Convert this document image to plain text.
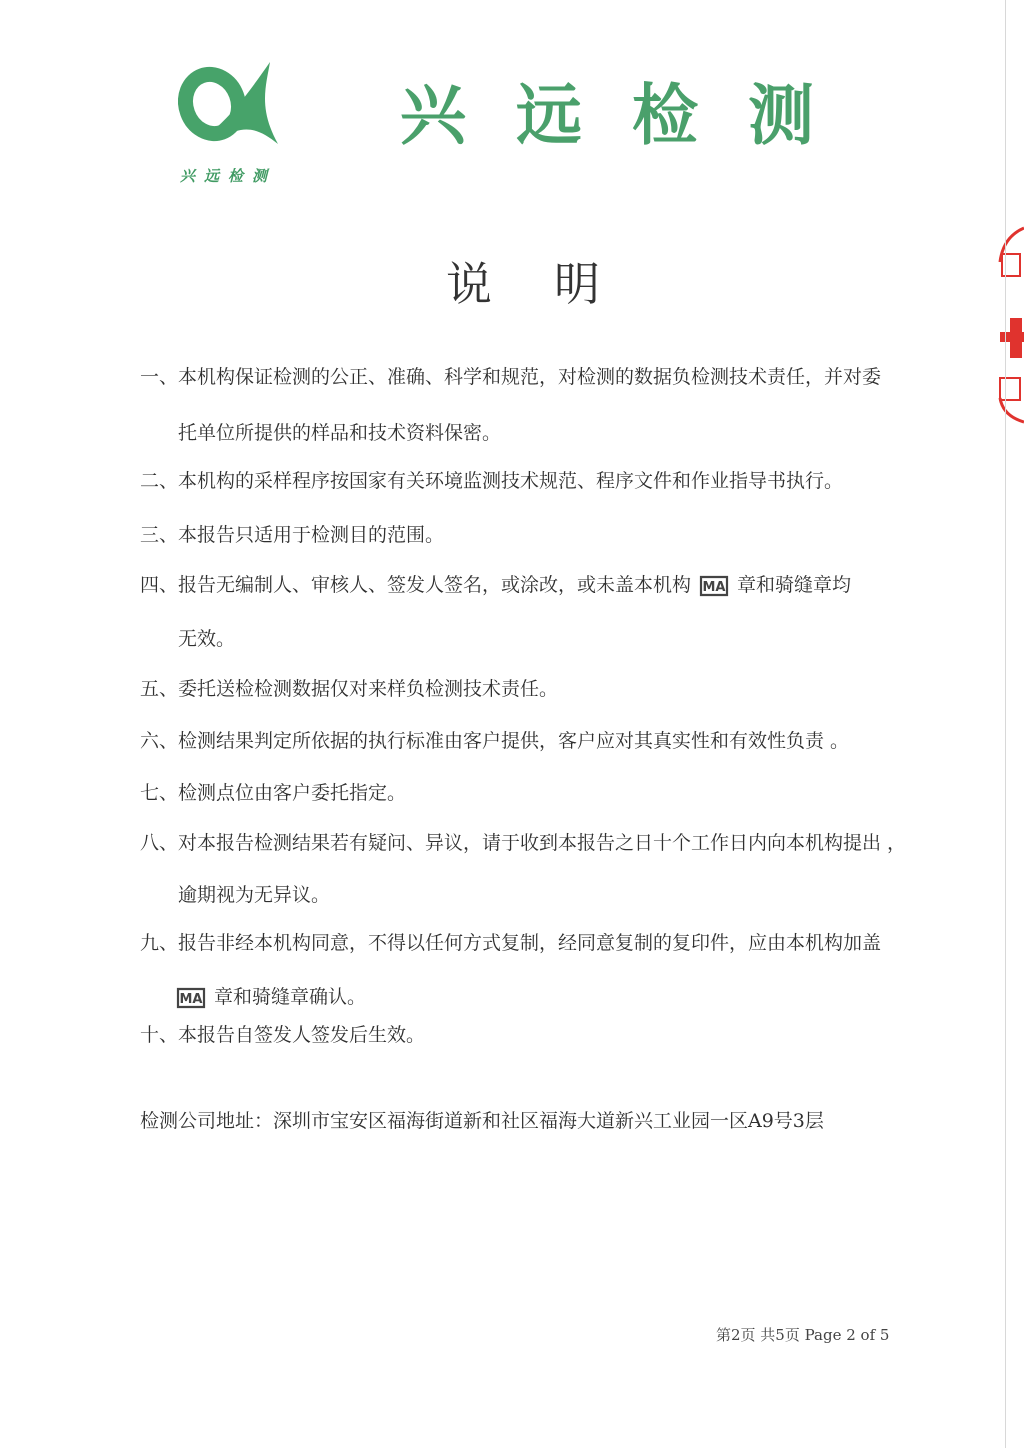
兴远检测
兴远检测
说明
一、本机构保证检测的公正、准确、科学和规范，对检测的数据负检测技术责任，并对委
托单位所提供的样品和技术资料保密。
二、本机构的采样程序按国家有关环境监测技术规范、程序文件和作业指导书执行。
三、本报告只适用于检测目的范围。
四、报告无编制人、审核人、签发人签名，或涂改，或未盖本机构 MA 章和骑缝章均
无效。
五、委托送检检测数据仅对来样负检测技术责任。
六、检测结果判定所依据的执行标准由客户提供，客户应对其真实性和有效性负责 。
七、检测点位由客户委托指定。
八、对本报告检测结果若有疑问、异议，请于收到本报告之日十个工作日内向本机构提出 ，
逾期视为无异议。
九、报告非经本机构同意，不得以任何方式复制，经同意复制的复印件，应由本机构加盖
MA 章和骑缝章确认。
十、本报告自签发人签发后生效。
检测公司地址：深圳市宝安区福海街道新和社区福海大道新兴工业园一区A9号3层
第2页 共5页 Page 2 of 5
